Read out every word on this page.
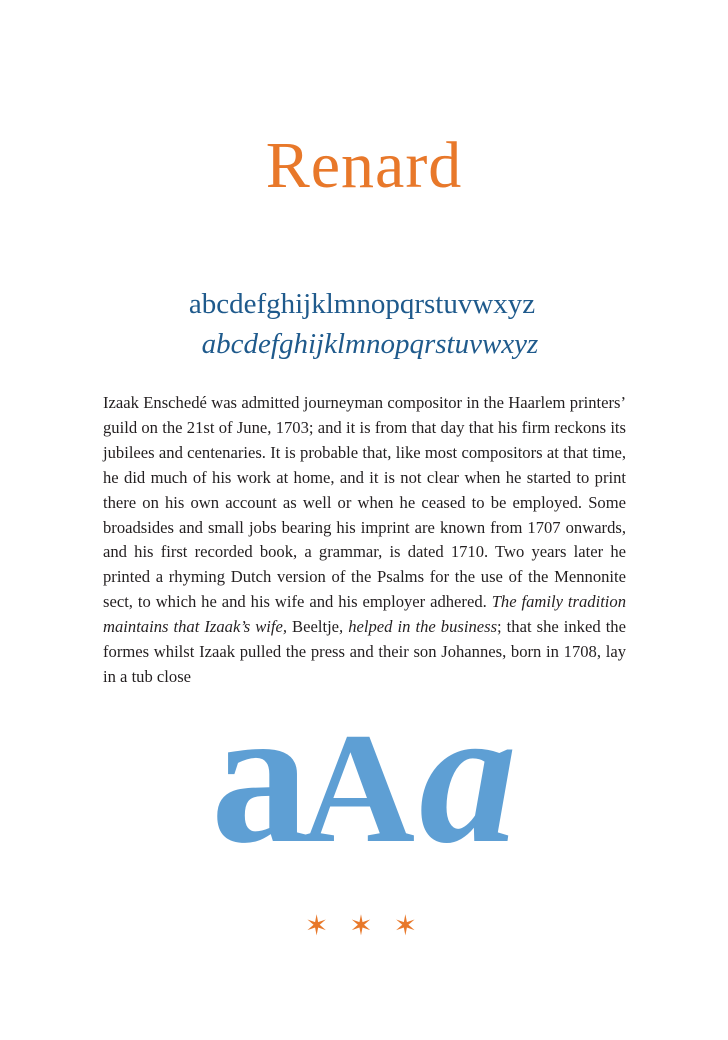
Renard

abcdefghijklmnopqrstuvwxyz

abcdefghijklmnopqrstuvwxyz

Izaak Enschedé was admitted journeyman compositor in the Haarlem printers’ guild on the 21st of June, 1703; and it is from that day that his firm reckons its jubilees and centenaries. It is probable that, like most compositors at that time, he did much of his work at home, and it is not clear when he started to print there on his own account as well or when he ceased to be employed. Some broadsides and small jobs bearing his imprint are known from 1707 onwards, and his first recorded book, a grammar, is dated 1710. Two years later he printed a rhyming Dutch version of the Psalms for the use of the Mennonite sect, to which he and his wife and his employer adhered. The family tradition maintains that Izaak’s wife, Beeltje, helped in the business; that she inked the formes whilst Izaak pulled the press and their son Johannes, born in 1708, lay in a tub close aAa
✶ ✶ ✶
